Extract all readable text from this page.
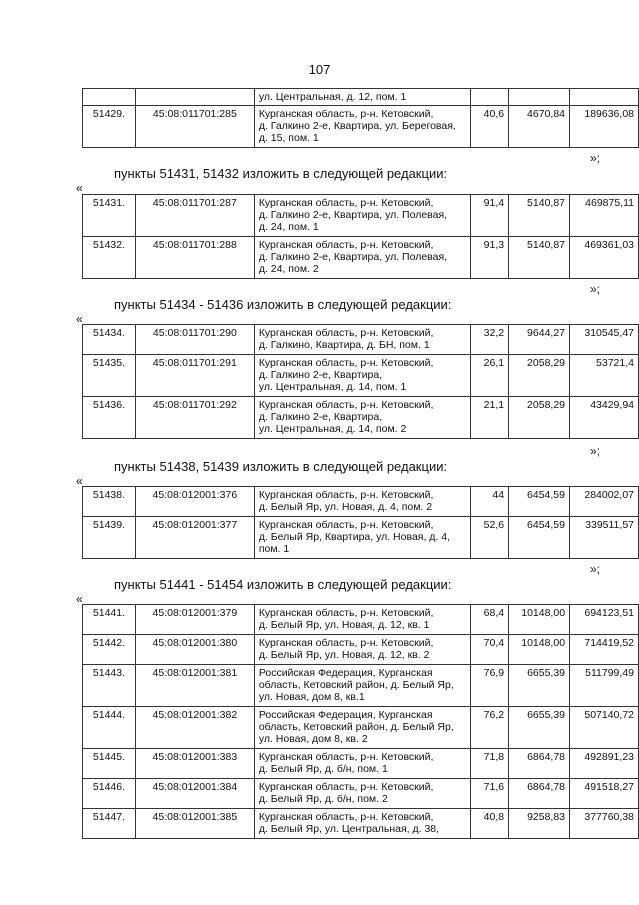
107
		ул. Центральная, д. 12, пом. 1			
51429.	45:08:011701:285	Курганская область, р-н. Кетовский,
д. Галкино 2-е, Квартира, ул. Береговая,
д. 15, пом. 1	40,6	4670,84	189636,08
»;
пункты 51431, 51432 изложить в следующей редакции:
«
51431.	45:08:011701:287	Курганская область, р-н. Кетовский,
д. Галкино 2-е, Квартира, ул. Полевая,
д. 24, пом. 1	91,4	5140,87	469875,11
51432.	45:08:011701:288	Курганская область, р-н. Кетовский,
д. Галкино 2-е, Квартира, ул. Полевая,
д. 24, пом. 2	91,3	5140,87	469361,03
»;
пункты 51434 - 51436 изложить в следующей редакции:
«
51434.	45:08:011701:290	Курганская область, р-н. Кетовский,
д. Галкино, Квартира, д. БН, пом. 1	32,2	9644,27	310545,47
51435.	45:08:011701:291	Курганская область, р-н. Кетовский,
д. Галкино 2-е, Квартира,
ул. Центральная, д. 14, пом. 1	26,1	2058,29	53721,4
51436.	45:08:011701:292	Курганская область, р-н. Кетовский,
д. Галкино 2-е, Квартира,
ул. Центральная, д. 14, пом. 2	21,1	2058,29	43429,94
»;
пункты 51438, 51439 изложить в следующей редакции:
«
51438.	45:08:012001:376	Курганская область, р-н. Кетовский,
д. Белый Яр, ул. Новая, д. 4, пом. 2	44	6454,59	284002,07
51439.	45:08:012001:377	Курганская область, р-н. Кетовский,
д. Белый Яр, Квартира, ул. Новая, д. 4,
пом. 1	52,6	6454,59	339511,57
»;
пункты 51441 - 51454 изложить в следующей редакции:
«
51441.	45:08:012001:379	Курганская область, р-н. Кетовский,
д. Белый Яр, ул. Новая, д. 12, кв. 1	68,4	10148,00	694123,51
51442.	45:08:012001:380	Курганская область, р-н. Кетовский,
д. Белый Яр, ул. Новая, д. 12, кв. 2	70,4	10148,00	714419,52
51443.	45:08:012001:381	Российская Федерация, Курганская
область, Кетовский район, д. Белый Яр,
ул. Новая, дом 8, кв.1	76,9	6655,39	511799,49
51444.	45:08:012001:382	Российская Федерация, Курганская
область, Кетовский район, д. Белый Яр,
ул. Новая, дом 8, кв. 2	76,2	6655,39	507140,72
51445.	45:08:012001:383	Курганская область, р-н. Кетовский,
д. Белый Яр, д. б/н, пом. 1	71,8	6864,78	492891,23
51446.	45:08:012001:384	Курганская область, р-н. Кетовский,
д. Белый Яр, д. б/н, пом. 2	71,6	6864,78	491518,27
51447.	45:08:012001:385	Курганская область, р-н. Кетовский,
д. Белый Яр, ул. Центральная, д. 38,	40,8	9258,83	377760,38
